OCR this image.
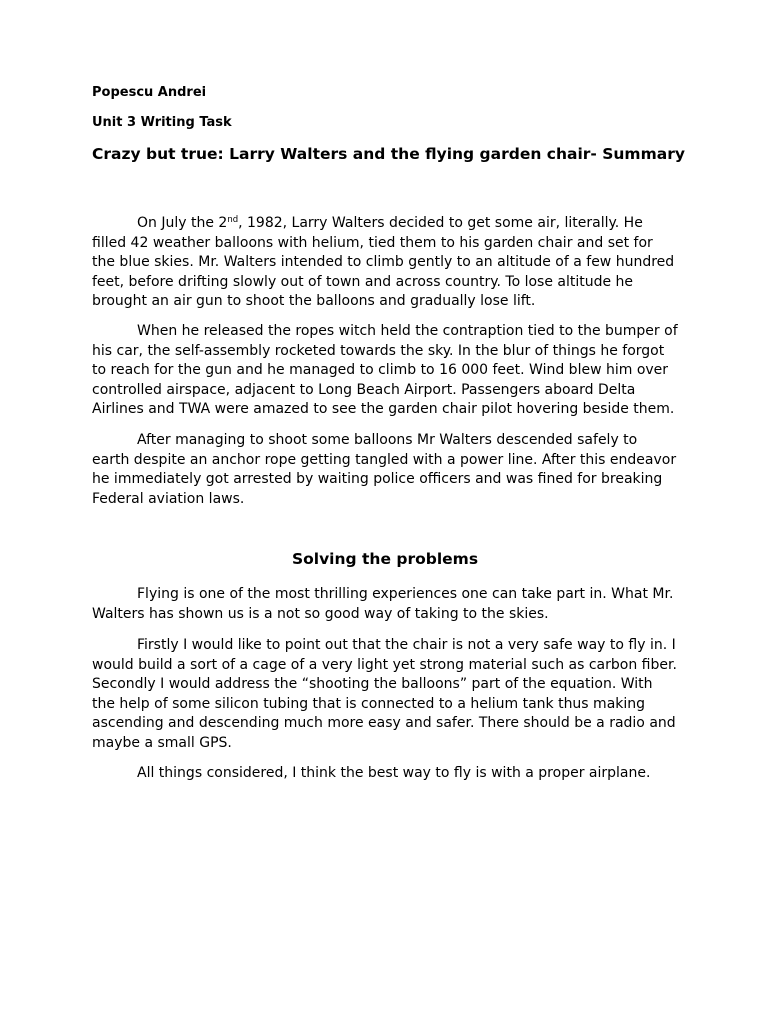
Popescu Andrei
Unit 3 Writing Task
Crazy but true: Larry Walters and the flying garden chair- Summary

On July the 2nd, 1982, Larry Walters decided to get some air, literally. He filled 42 weather balloons with helium, tied them to his garden chair and set for the blue skies. Mr. Walters intended to climb gently to an altitude of a few hundred feet, before drifting slowly out of town and across country. To lose altitude he brought an air gun to shoot the balloons and gradually lose lift.

When he released the ropes witch held the contraption tied to the bumper of his car, the self-assembly rocketed towards the sky. In the blur of things he forgot to reach for the gun and he managed to climb to 16 000 feet. Wind blew him over controlled airspace, adjacent to Long Beach Airport. Passengers aboard Delta Airlines and TWA were amazed to see the garden chair pilot hovering beside them.

After managing to shoot some balloons Mr Walters descended safely to earth despite an anchor rope getting tangled with a power line. After this endeavor he immediately got arrested by waiting police officers and was fined for breaking Federal aviation laws.

Solving the problems

Flying is one of the most thrilling experiences one can take part in. What Mr. Walters has shown us is a not so good way of taking to the skies.

Firstly I would like to point out that the chair is not a very safe way to fly in. I would build a sort of a cage of a very light yet strong material such as carbon fiber. Secondly I would address the “shooting the balloons” part of the equation. With the help of some silicon tubing that is connected to a helium tank thus making ascending and descending much more easy and safer. There should be a radio and maybe a small GPS.

All things considered, I think the best way to fly is with a proper airplane.
